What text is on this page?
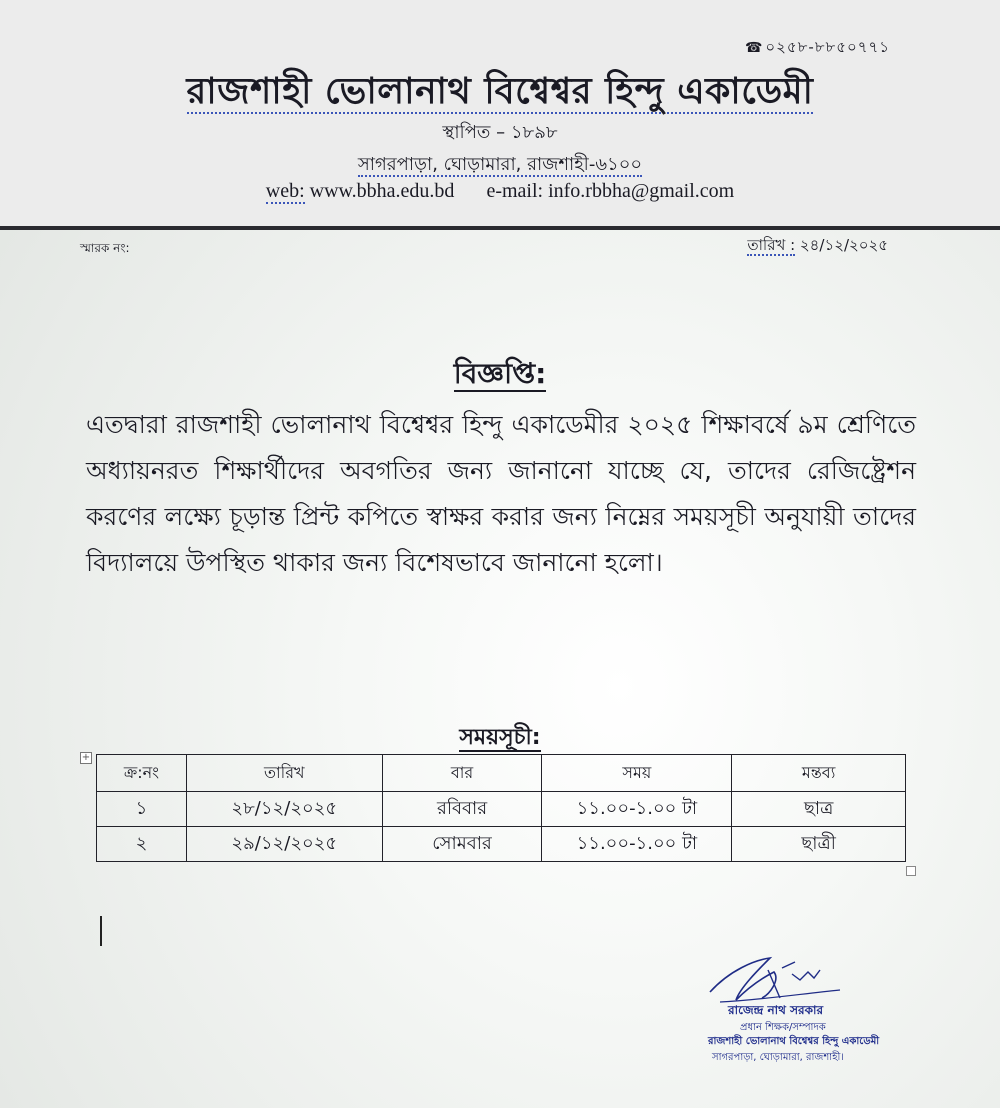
☎ ০২৫৮-৮৮৫০৭৭১
রাজশাহী ভোলানাথ বিশ্বেশ্বর হিন্দু একাডেমী
স্থাপিত – ১৮৯৮
সাগরপাড়া, ঘোড়ামারা, রাজশাহী-৬১০০
web: www.bbha.edu.bd e-mail: info.rbbha@gmail.com
স্মারক নং:	তারিখ : ২৪/১২/২০২৫
বিজ্ঞপ্তি:
এতদ্বারা রাজশাহী ভোলানাথ বিশ্বেশ্বর হিন্দু একাডেমীর ২০২৫ শিক্ষাবর্ষে ৯ম শ্রেণিতে অধ্যায়নরত শিক্ষার্থীদের অবগতির জন্য জানানো যাচ্ছে যে, তাদের রেজিষ্ট্রেশন করণের লক্ষ্যে চূড়ান্ত প্রিন্ট কপিতে স্বাক্ষর করার জন্য নিম্নের সময়সূচী অনুযায়ী তাদের বিদ্যালয়ে উপস্থিত থাকার জন্য বিশেষভাবে জানানো হলো।
সময়সূচী:
+
ক্র:নং	তারিখ	বার	সময়	মন্তব্য
১	২৮/১২/২০২৫	রবিবার	১১.০০-১.০০ টা	ছাত্র
২	২৯/১২/২০২৫	সোমবার	১১.০০-১.০০ টা	ছাত্রী
রাজেন্দ্র নাথ সরকার
প্রধান শিক্ষক/সম্পাদক
রাজশাহী ভোলানাথ বিশ্বেশ্বর হিন্দু একাডেমী
সাগরপাড়া, ঘোড়ামারা, রাজশাহী।
